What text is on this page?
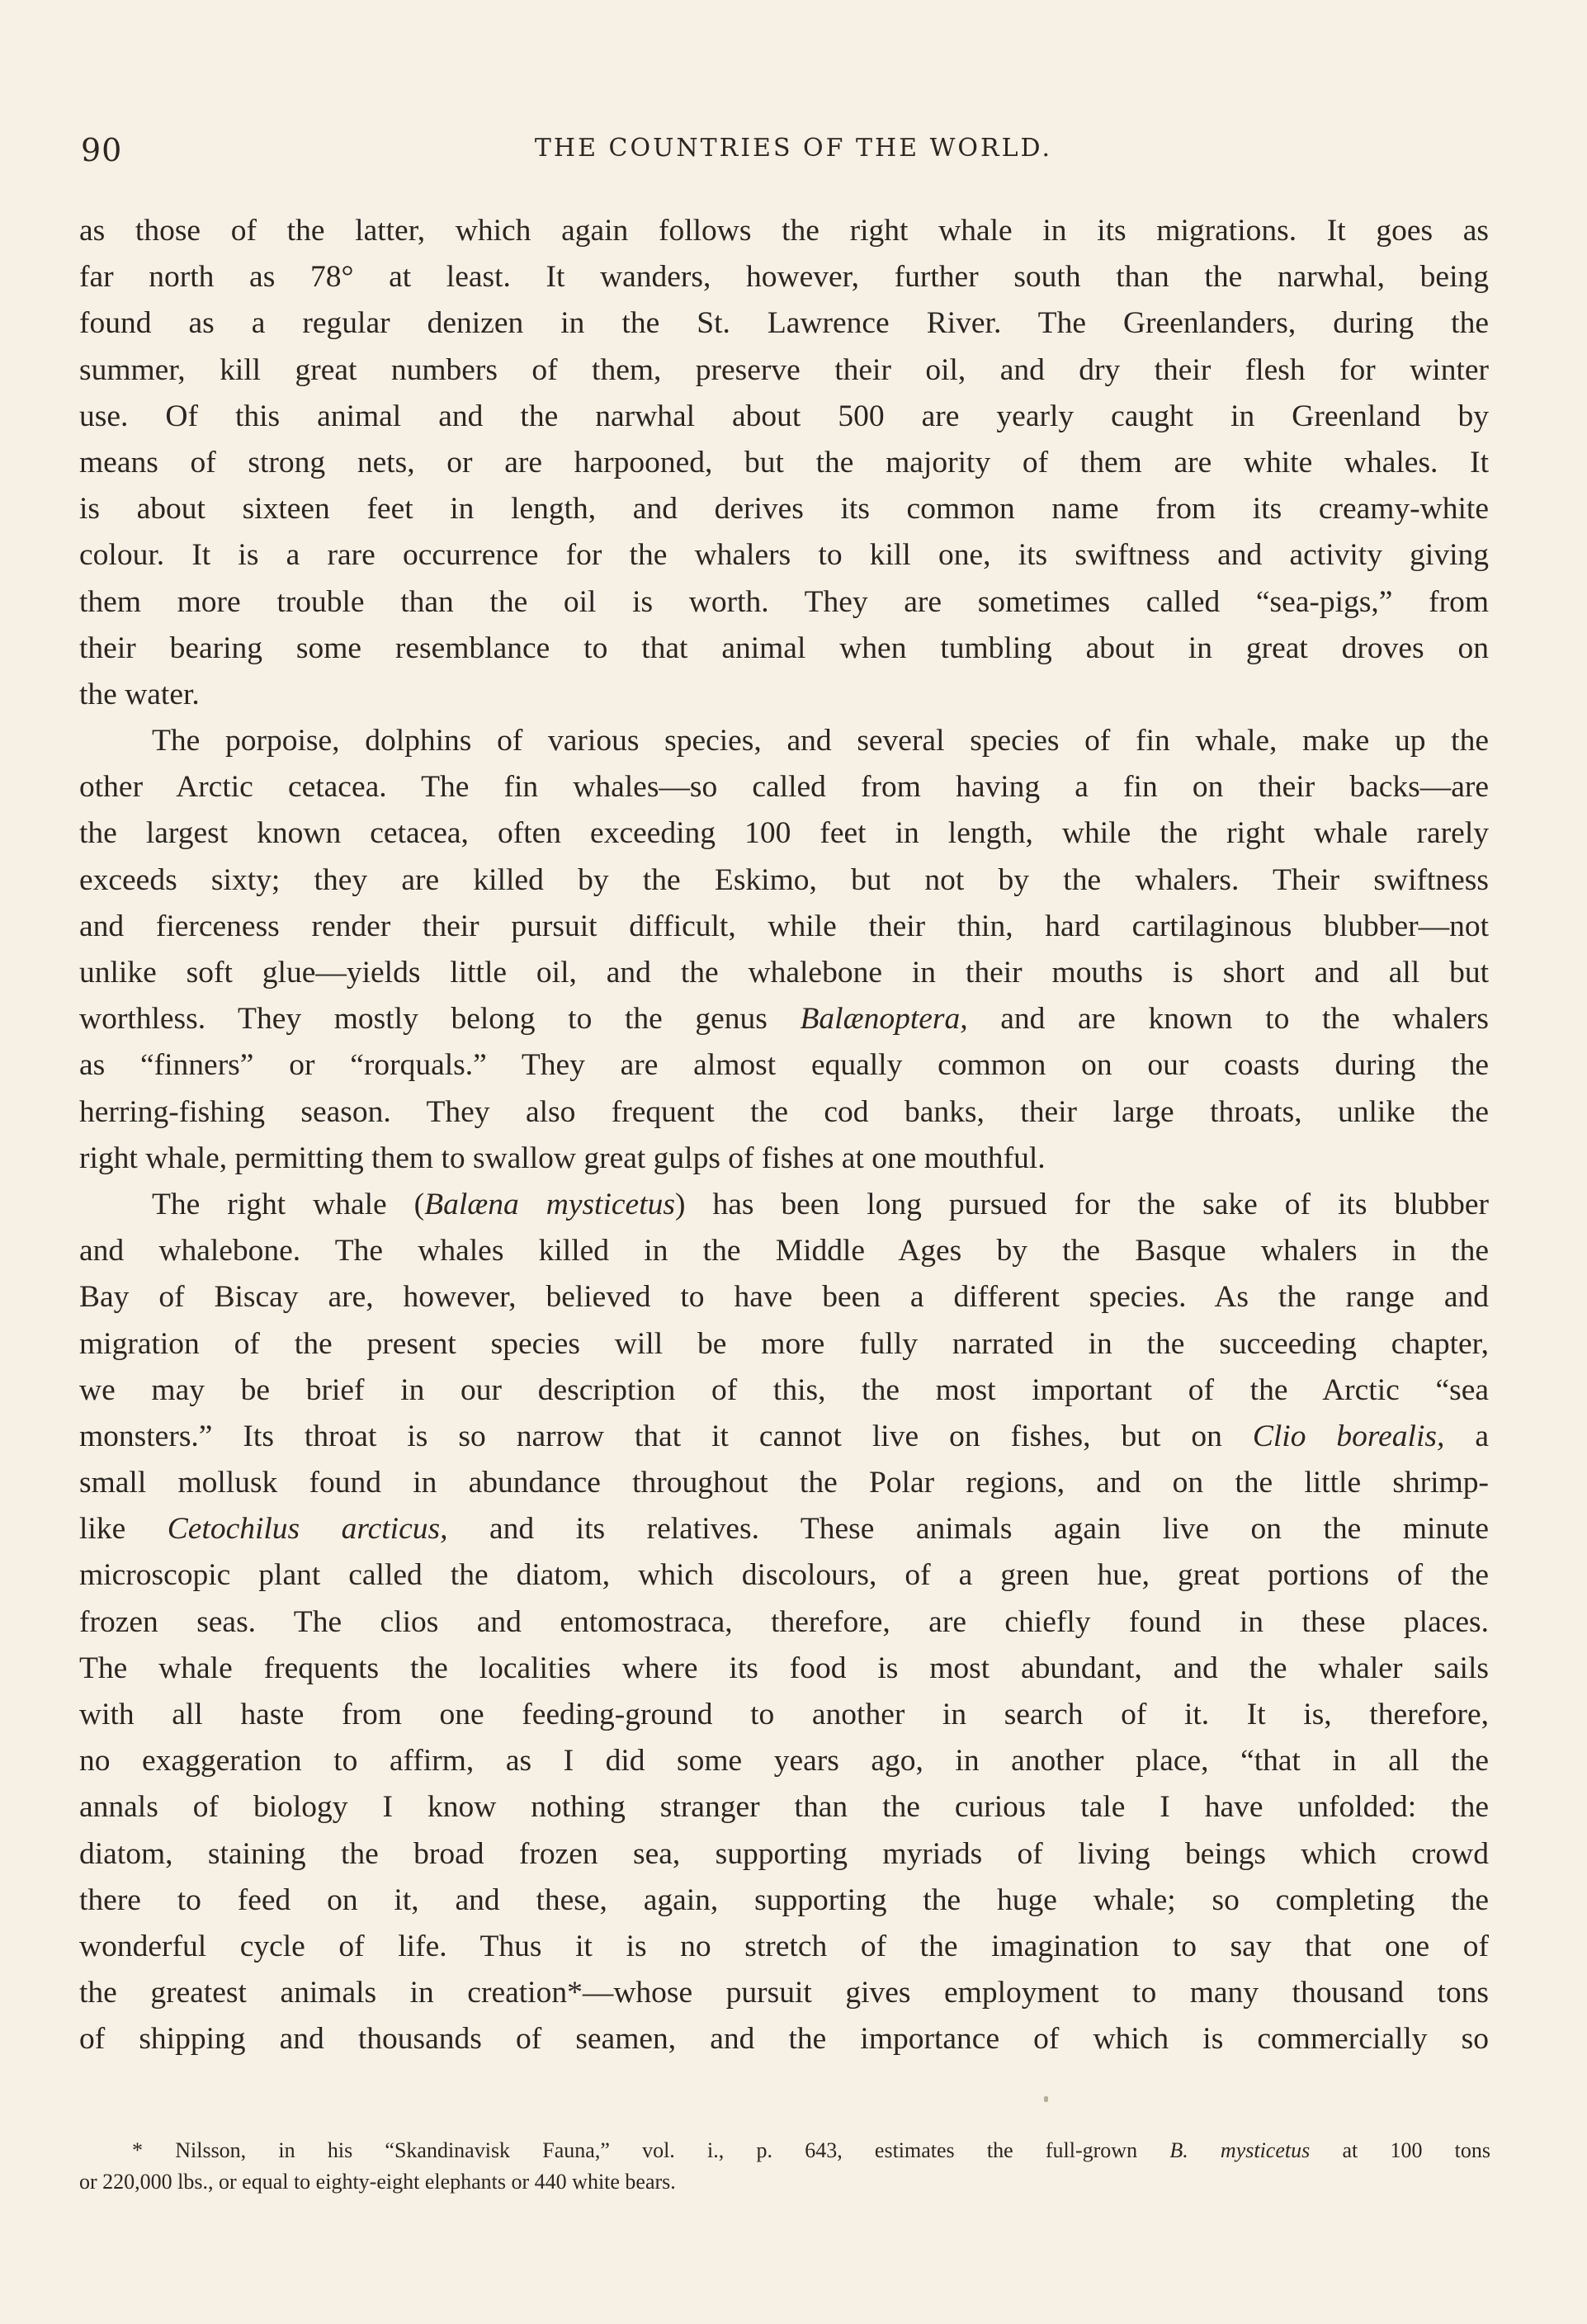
90	THE COUNTRIES OF THE WORLD.
as those of the latter, which again follows the right whale in its migrations. It goes as
far north as 78° at least. It wanders, however, further south than the narwhal, being
found as a regular denizen in the St. Lawrence River. The Greenlanders, during the
summer, kill great numbers of them, preserve their oil, and dry their flesh for winter
use. Of this animal and the narwhal about 500 are yearly caught in Greenland by
means of strong nets, or are harpooned, but the majority of them are white whales. It
is about sixteen feet in length, and derives its common name from its creamy-white
colour. It is a rare occurrence for the whalers to kill one, its swiftness and activity giving
them more trouble than the oil is worth. They are sometimes called “sea-pigs,” from
their bearing some resemblance to that animal when tumbling about in great droves on
the water.
The porpoise, dolphins of various species, and several species of fin whale, make up the
other Arctic cetacea. The fin whales—so called from having a fin on their backs—are
the largest known cetacea, often exceeding 100 feet in length, while the right whale rarely
exceeds sixty; they are killed by the Eskimo, but not by the whalers. Their swiftness
and fierceness render their pursuit difficult, while their thin, hard cartilaginous blubber—not
unlike soft glue—yields little oil, and the whalebone in their mouths is short and all but
worthless. They mostly belong to the genus Balænoptera, and are known to the whalers
as “finners” or “rorquals.” They are almost equally common on our coasts during the
herring-fishing season. They also frequent the cod banks, their large throats, unlike the
right whale, permitting them to swallow great gulps of fishes at one mouthful.
The right whale (Balæna mysticetus) has been long pursued for the sake of its blubber
and whalebone. The whales killed in the Middle Ages by the Basque whalers in the
Bay of Biscay are, however, believed to have been a different species. As the range and
migration of the present species will be more fully narrated in the succeeding chapter,
we may be brief in our description of this, the most important of the Arctic “sea
monsters.” Its throat is so narrow that it cannot live on fishes, but on Clio borealis, a
small mollusk found in abundance throughout the Polar regions, and on the little shrimp-
like Cetochilus arcticus, and its relatives. These animals again live on the minute
microscopic plant called the diatom, which discolours, of a green hue, great portions of the
frozen seas. The clios and entomostraca, therefore, are chiefly found in these places.
The whale frequents the localities where its food is most abundant, and the whaler sails
with all haste from one feeding-ground to another in search of it. It is, therefore,
no exaggeration to affirm, as I did some years ago, in another place, “that in all the
annals of biology I know nothing stranger than the curious tale I have unfolded: the
diatom, staining the broad frozen sea, supporting myriads of living beings which crowd
there to feed on it, and these, again, supporting the huge whale; so completing the
wonderful cycle of life. Thus it is no stretch of the imagination to say that one of
the greatest animals in creation*—whose pursuit gives employment to many thousand tons
of shipping and thousands of seamen, and the importance of which is commercially so
* Nilsson, in his “Skandinavisk Fauna,” vol. i., p. 643, estimates the full-grown B. mysticetus at 100 tons
or 220,000 lbs., or equal to eighty-eight elephants or 440 white bears.
